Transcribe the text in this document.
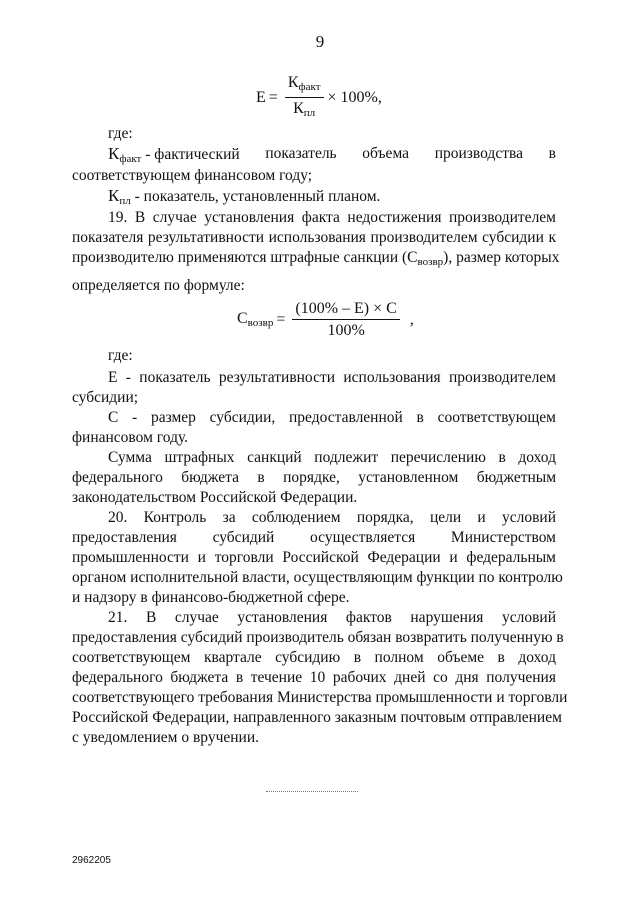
9
$E = \frac{К_{факт}}{К_{пл}} \times 100\%$ ,
где:
$К_{факт}$ - фактический показатель объема производства в
соответствующем финансовом году;
$К_{пл}$ - показатель, установленный планом.
19. В случае установления факта недостижения производителем
показателя результативности использования производителем субсидии к
производителю применяются штрафные санкции $(С_{возвр})$, размер которых
определяется по формуле:
$С_{возвр} = \frac{(100\% - E) \times C}{100\%}$ ,
где:
Е - показатель результативности использования производителем
субсидии;
С - размер субсидии, предоставленной в соответствующем
финансовом году.
Сумма штрафных санкций подлежит перечислению в доход
федерального бюджета в порядке, установленном бюджетным
законодательством Российской Федерации.
20. Контроль за соблюдением порядка, цели и условий
предоставления субсидий осуществляется Министерством
промышленности и торговли Российской Федерации и федеральным
органом исполнительной власти, осуществляющим функции по контролю
и надзору в финансово-бюджетной сфере.
21. В случае установления фактов нарушения условий
предоставления субсидий производитель обязан возвратить полученную в
соответствующем квартале субсидию в полном объеме в доход
федерального бюджета в течение 10 рабочих дней со дня получения
соответствующего требования Министерства промышленности и торговли
Российской Федерации, направленного заказным почтовым отправлением
с уведомлением о вручении.
2962205
